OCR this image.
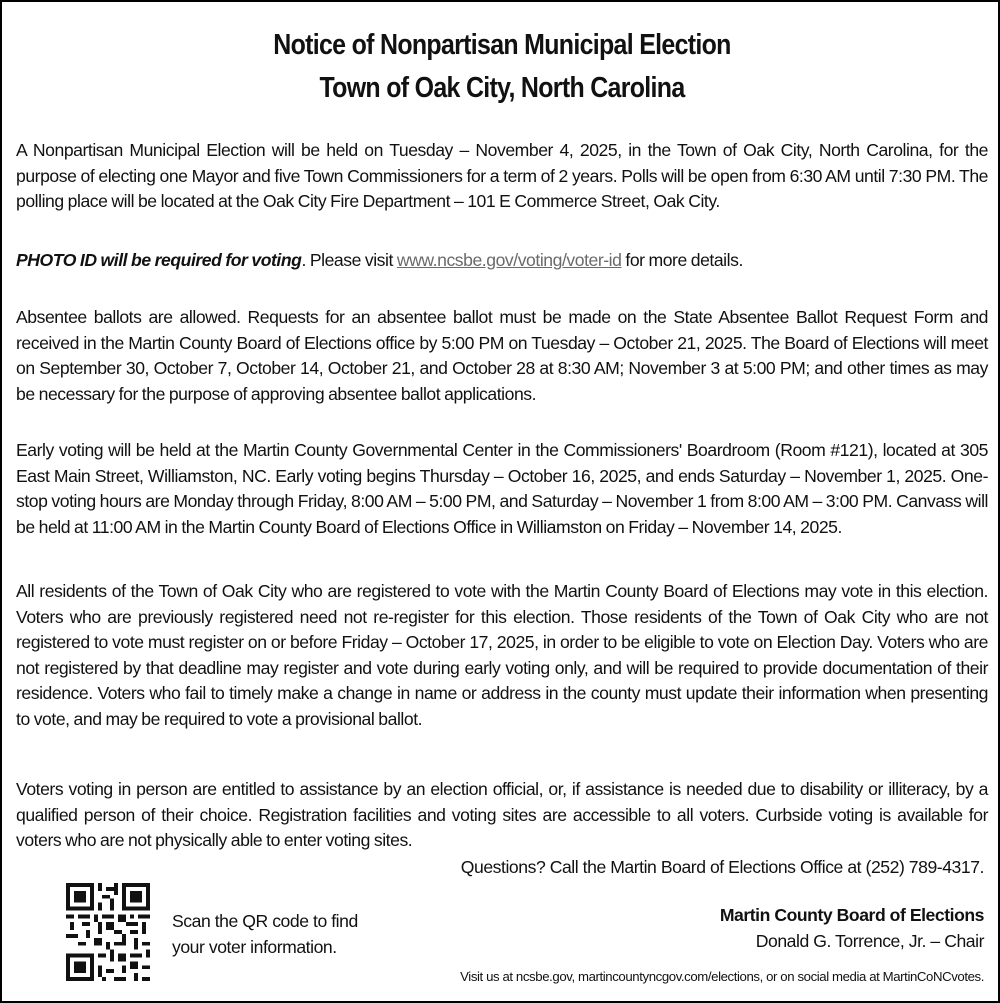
Notice of Nonpartisan Municipal Election
Town of Oak City, North Carolina

A Nonpartisan Municipal Election will be held on Tuesday – November 4, 2025, in the Town of Oak City, North Carolina, for the purpose of electing one Mayor and five Town Commissioners for a term of 2 years. Polls will be open from 6:30 AM until 7:30 PM. The polling place will be located at the Oak City Fire Department – 101 E Commerce Street, Oak City.

PHOTO ID will be required for voting. Please visit www.ncsbe.gov/voting/voter-id for more details.

Absentee ballots are allowed. Requests for an absentee ballot must be made on the State Absentee Ballot Request Form and received in the Martin County Board of Elections office by 5:00 PM on Tuesday – October 21, 2025. The Board of Elections will meet on September 30, October 7, October 14, October 21, and October 28 at 8:30 AM; November 3 at 5:00 PM; and other times as may be necessary for the purpose of approving absentee ballot applications.

Early voting will be held at the Martin County Governmental Center in the Commissioners' Boardroom (Room #121), located at 305 East Main Street, Williamston, NC. Early voting begins Thursday – October 16, 2025, and ends Saturday – November 1, 2025. One-stop voting hours are Monday through Friday, 8:00 AM – 5:00 PM, and Saturday – November 1 from 8:00 AM – 3:00 PM. Canvass will be held at 11:00 AM in the Martin County Board of Elections Office in Williamston on Friday – November 14, 2025.

All residents of the Town of Oak City who are registered to vote with the Martin County Board of Elections may vote in this election. Voters who are previously registered need not re-register for this election. Those residents of the Town of Oak City who are not registered to vote must register on or before Friday – October 17, 2025, in order to be eligible to vote on Election Day. Voters who are not registered by that deadline may register and vote during early voting only, and will be required to provide documentation of their residence. Voters who fail to timely make a change in name or address in the county must update their information when presenting to vote, and may be required to vote a provisional ballot.

Voters voting in person are entitled to assistance by an election official, or, if assistance is needed due to disability or illiteracy, by a qualified person of their choice. Registration facilities and voting sites are accessible to all voters. Curbside voting is available for voters who are not physically able to enter voting sites.

Questions? Call the Martin Board of Elections Office at (252) 789-4317.

Scan the QR code to find
your voter information.

Martin County Board of Elections
Donald G. Torrence, Jr. – Chair

Visit us at ncsbe.gov, martincountyncgov.com/elections, or on social media at MartinCoNCvotes.
